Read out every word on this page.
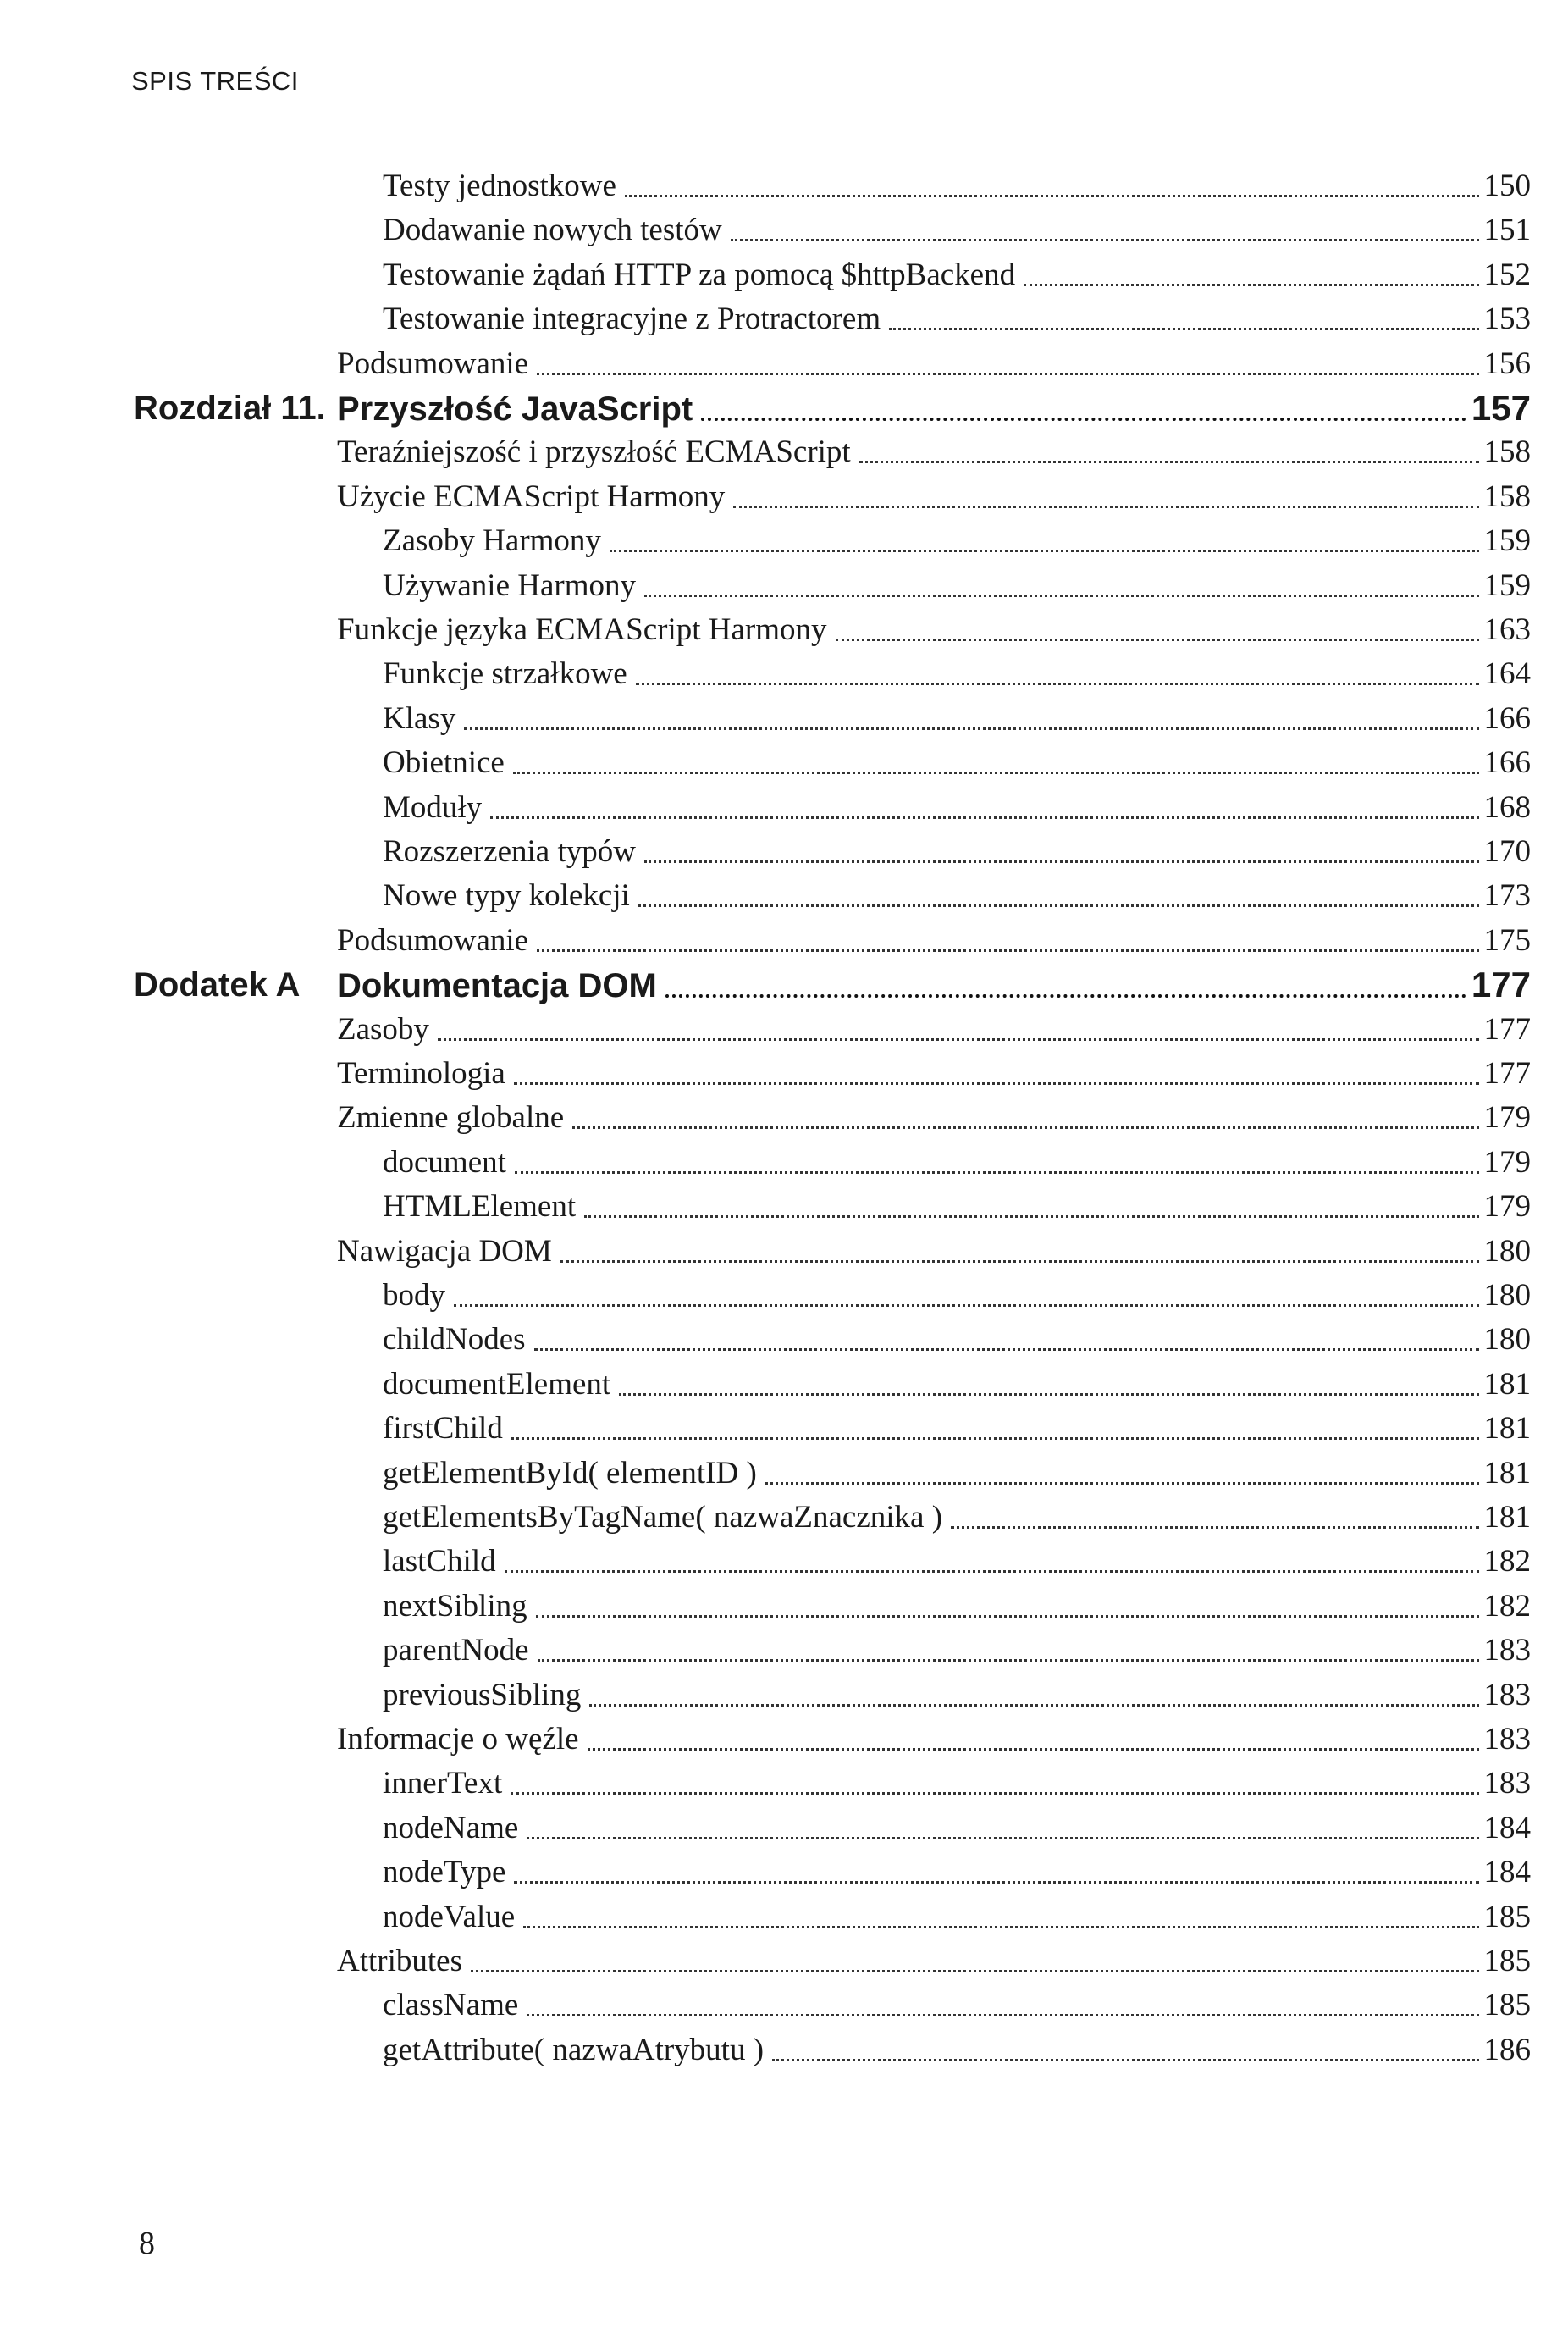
SPIS TREŚCI
Testy jednostkowe	150
Dodawanie nowych testów	151
Testowanie żądań HTTP za pomocą $httpBackend	152
Testowanie integracyjne z Protractorem	153
Podsumowanie	156
Rozdział 11. Przyszłość JavaScript	157
Teraźniejszość i przyszłość ECMAScript	158
Użycie ECMAScript Harmony	158
Zasoby Harmony	159
Używanie Harmony	159
Funkcje języka ECMAScript Harmony	163
Funkcje strzałkowe	164
Klasy	166
Obietnice	166
Moduły	168
Rozszerzenia typów	170
Nowe typy kolekcji	173
Podsumowanie	175
Dodatek A Dokumentacja DOM	177
Zasoby	177
Terminologia	177
Zmienne globalne	179
document	179
HTMLElement	179
Nawigacja DOM	180
body	180
childNodes	180
documentElement	181
firstChild	181
getElementById( elementID )	181
getElementsByTagName( nazwaZnacznika )	181
lastChild	182
nextSibling	182
parentNode	183
previousSibling	183
Informacje o węźle	183
innerText	183
nodeName	184
nodeType	184
nodeValue	185
Attributes	185
className	185
getAttribute( nazwaAtrybutu )	186
8
